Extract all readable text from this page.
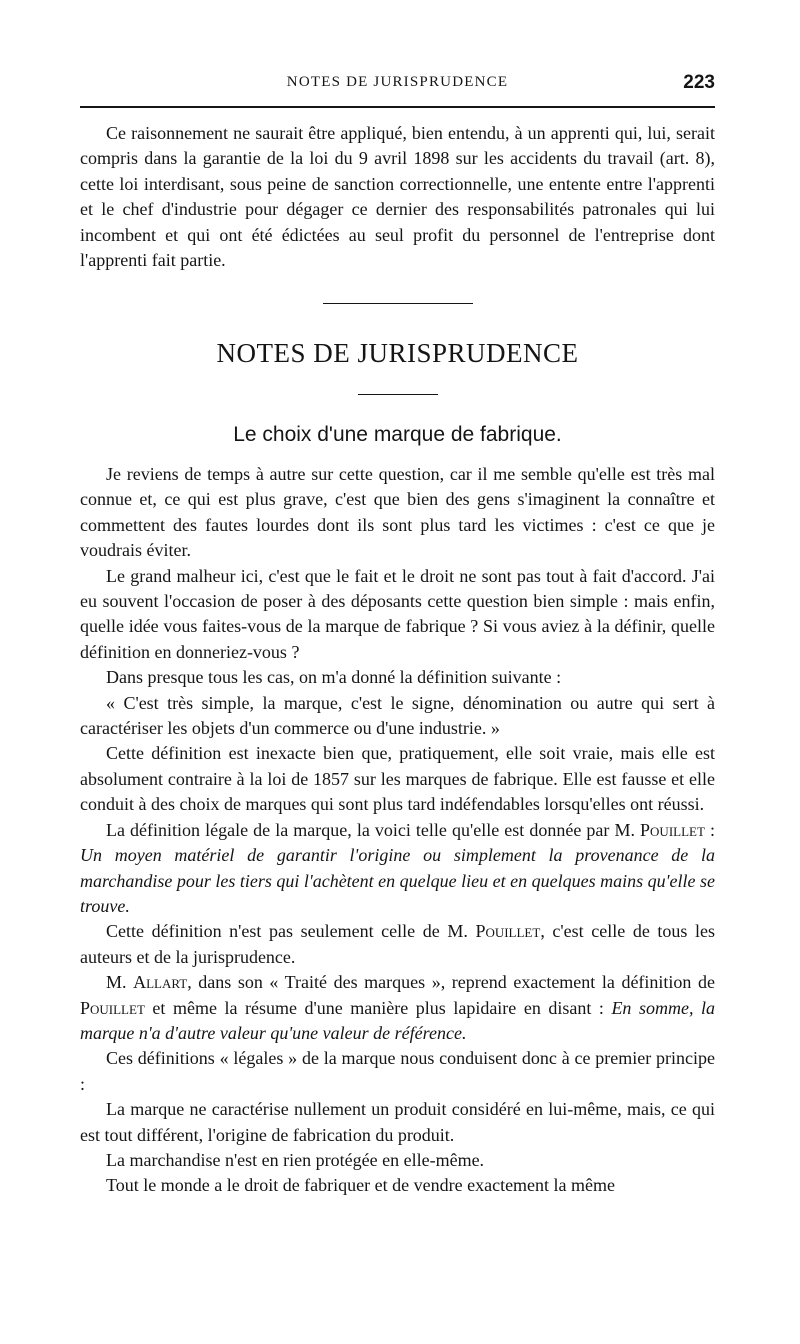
NOTES DE JURISPRUDENCE	223

Ce raisonnement ne saurait être appliqué, bien entendu, à un apprenti qui, lui, serait compris dans la garantie de la loi du 9 avril 1898 sur les accidents du travail (art. 8), cette loi interdisant, sous peine de sanction correctionnelle, une entente entre l'apprenti et le chef d'industrie pour dégager ce dernier des responsabilités patronales qui lui incombent et qui ont été édictées au seul profit du personnel de l'entreprise dont l'apprenti fait partie.

NOTES DE JURISPRUDENCE
Le choix d'une marque de fabrique.

Je reviens de temps à autre sur cette question, car il me semble qu'elle est très mal connue et, ce qui est plus grave, c'est que bien des gens s'imaginent la connaître et commettent des fautes lourdes dont ils sont plus tard les victimes : c'est ce que je voudrais éviter.

Le grand malheur ici, c'est que le fait et le droit ne sont pas tout à fait d'accord. J'ai eu souvent l'occasion de poser à des déposants cette question bien simple : mais enfin, quelle idée vous faites-vous de la marque de fabrique ? Si vous aviez à la définir, quelle définition en donneriez-vous ?

Dans presque tous les cas, on m'a donné la définition suivante :

« C'est très simple, la marque, c'est le signe, dénomination ou autre qui sert à caractériser les objets d'un commerce ou d'une industrie. »

Cette définition est inexacte bien que, pratiquement, elle soit vraie, mais elle est absolument contraire à la loi de 1857 sur les marques de fabrique. Elle est fausse et elle conduit à des choix de marques qui sont plus tard indéfendables lorsqu'elles ont réussi.

La définition légale de la marque, la voici telle qu'elle est donnée par M. Pouillet : Un moyen matériel de garantir l'origine ou simplement la provenance de la marchandise pour les tiers qui l'achètent en quelque lieu et en quelques mains qu'elle se trouve.

Cette définition n'est pas seulement celle de M. Pouillet, c'est celle de tous les auteurs et de la jurisprudence.

M. Allart, dans son « Traité des marques », reprend exactement la définition de Pouillet et même la résume d'une manière plus lapidaire en disant : En somme, la marque n'a d'autre valeur qu'une valeur de référence.

Ces définitions « légales » de la marque nous conduisent donc à ce premier principe :

La marque ne caractérise nullement un produit considéré en lui-même, mais, ce qui est tout différent, l'origine de fabrication du produit.

La marchandise n'est en rien protégée en elle-même.

Tout le monde a le droit de fabriquer et de vendre exactement la même
